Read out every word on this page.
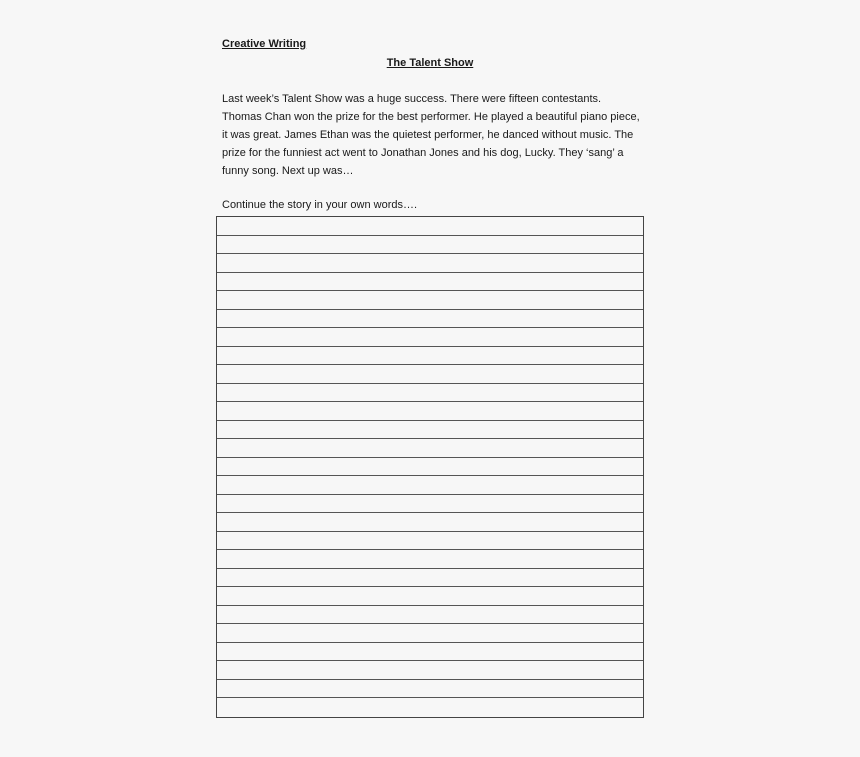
Creative Writing
The Talent Show

Last week’s Talent Show was a huge success. There were fifteen contestants. Thomas Chan won the prize for the best performer. He played a beautiful piano piece, it was great. James Ethan was the quietest performer, he danced without music. The prize for the funniest act went to Jonathan Jones and his dog, Lucky. They ‘sang’ a funny song. Next up was…

Continue the story in your own words….
